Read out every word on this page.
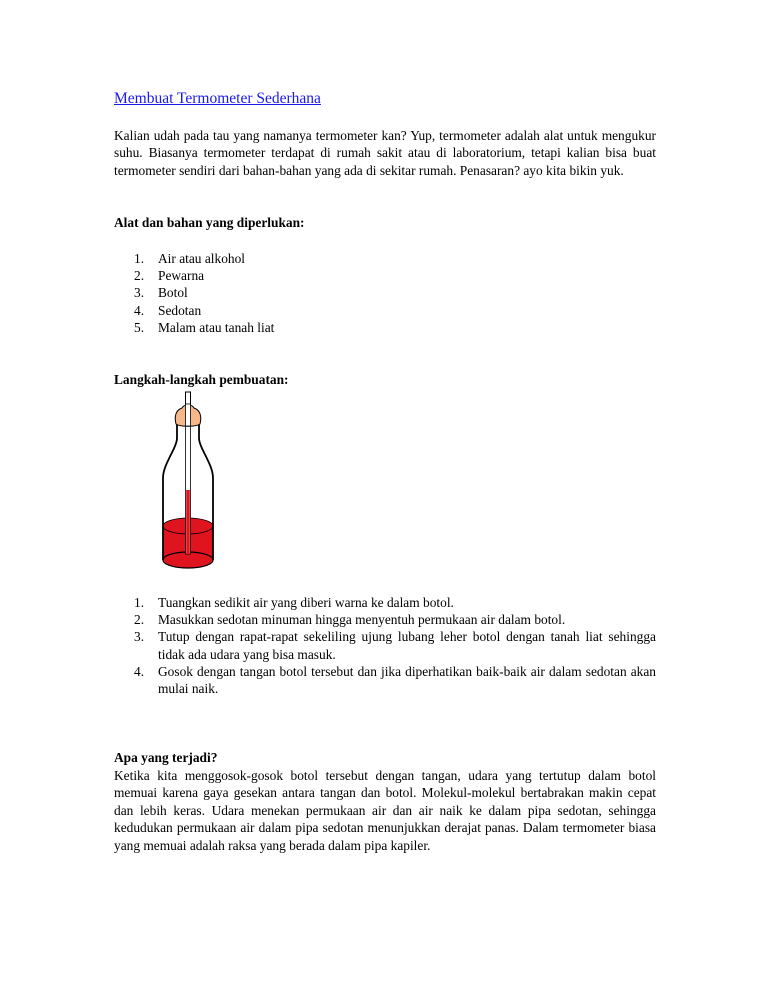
Membuat Termometer Sederhana

Kalian udah pada tau yang namanya termometer kan? Yup, termometer adalah alat untuk mengukur suhu. Biasanya termometer terdapat di rumah sakit atau di laboratorium, tetapi kalian bisa buat termometer sendiri dari bahan-bahan yang ada di sekitar rumah. Penasaran? ayo kita bikin yuk.

Alat dan bahan yang diperlukan:
1. Air atau alkohol
2. Pewarna
3. Botol
4. Sedotan
5. Malam atau tanah liat
Langkah-langkah pembuatan:
1. Tuangkan sedikit air yang diberi warna ke dalam botol.
2. Masukkan sedotan minuman hingga menyentuh permukaan air dalam botol.
3. Tutup dengan rapat-rapat sekeliling ujung lubang leher botol dengan tanah liat sehingga tidak ada udara yang bisa masuk.
4. Gosok dengan tangan botol tersebut dan jika diperhatikan baik-baik air dalam sedotan akan mulai naik.
Apa yang terjadi?

Ketika kita menggosok-gosok botol tersebut dengan tangan, udara yang tertutup dalam botol memuai karena gaya gesekan antara tangan dan botol. Molekul-molekul bertabrakan makin cepat dan lebih keras. Udara menekan permukaan air dan air naik ke dalam pipa sedotan, sehingga kedudukan permukaan air dalam pipa sedotan menunjukkan derajat panas. Dalam termometer biasa yang memuai adalah raksa yang berada dalam pipa kapiler.
